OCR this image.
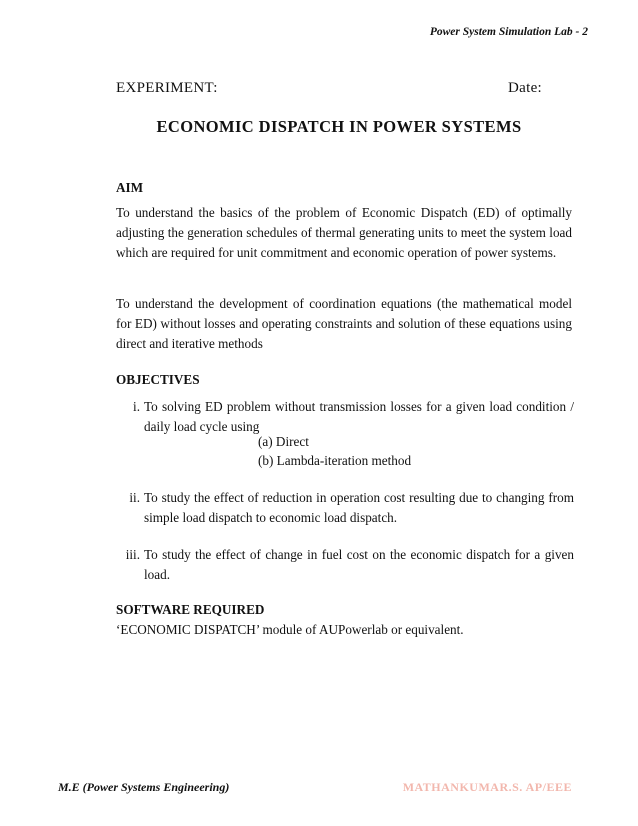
Power System Simulation Lab - 2
EXPERIMENT:	Date:
ECONOMIC DISPATCH IN POWER SYSTEMS
AIM
To understand the basics of the problem of Economic Dispatch (ED) of optimally adjusting the generation schedules of thermal generating units to meet the system load which are required for unit commitment and economic operation of power systems.
To understand the development of coordination equations (the mathematical model for ED) without losses and operating constraints and solution of these equations using direct and iterative methods
OBJECTIVES
i. To solving ED problem without transmission losses for a given load condition / daily load cycle using
(a) Direct
(b) Lambda-iteration method
ii. To study the effect of reduction in operation cost resulting due to changing from simple load dispatch to economic load dispatch.
iii. To study the effect of change in fuel cost on the economic dispatch for a given load.
SOFTWARE REQUIRED
‘ECONOMIC DISPATCH’ module of AUPowerlab or equivalent.
M.E (Power Systems Engineering)	MATHANKUMAR.S. AP/EEE
